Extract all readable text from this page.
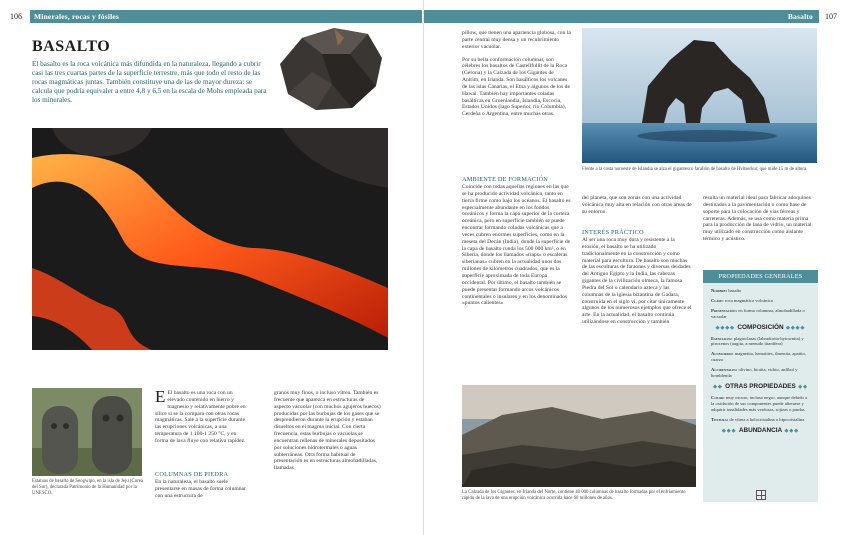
106	Minerales, rocas y fósiles	Basalto	107
BASALTO

El basalto es la roca volcánica más difundida en la naturaleza, llegando a cubrir casi las tres cuartas partes de la superficie terrestre, más que todo el resto de las rocas magmáticas juntas. También constituye una de las de mayor dureza: se calcula que podría equivaler a entre 4,8 y 6,5 en la escala de Mohs empleada para los minerales.

Estatuas de basalto de Seogwipo, en la isla de Jeju (Corea del Sur), declarada Patrimonio de la Humanidad por la UNESCO.

E El basalto es una roca con un elevado contenido en hierro y magnesio y relativamente pobre en sílice si se la compara con otras rocas magmáticas. Sale a la superficie durante las erupciones volcánicas, a una temperatura de 1 100-1 250 °C, y en forma de lava fluye con relativa rapidez.

COLUMNAS DE PIEDRA

En la naturaleza, el basalto suele presentarse en masas de forma columnar con una estructura de

granos muy finos, o incluso vítrea. También es frecuente que aparezca en estructuras de aspecto vacuolar (con muchos agujeros huecos) producidas por las burbujas de los gases que se desprendieron durante la erupción y estaban disueltos en el magma inicial. Con cierta frecuencia, estas burbujas o vacuolas se encuentran rellenas de minerales depositados por soluciones hidrotermales o aguas subterráneas. Otra forma habitual de presentación es en estructuras almohadilladas, llamadas

pillow, que tienen una apariencia globosa, con la parte central muy densa y un recubrimiento exterior vacuolar.

Por su bella conformación columnar, son célebres los basaltos de Castellfullit de la Roca (Gerona) y la Calzada de los Gigantes de Antrim, en Irlanda. Son basálticos los volcanes de las islas Canarias, el Etna y algunos de los de Hawái. También hay importantes coladas basálticas en Groenlandia, Islandia, Escocia, Estados Unidos (lago Superior, río Columbia), Cerdeña o Argentina, entre muchas otras.

AMBIENTE DE FORMACIÓN

Coincide con todas aquellas regiones en las que se ha producido actividad volcánica, tanto en tierra firme como bajo los océanos. El basalto es especialmente abundante en los fondos oceánicos y forma la capa superior de la corteza oceánica, pero en superficie también se puede encontrar formando coladas volcánicas que a veces cubren enormes superficies, como en la meseta del Decán (India), donde la superficie de la capa de basalto ronda los 500 000 km², o en Siberia, donde los llamados «traps» o escaleras siberianas» cubren en la actualidad unos dos millones de kilómetros cuadrados, que es la superficie aproximada de toda Europa occidental. Por último, el basalto también se puede presentar formando arcos volcánicos continentales o insulares y en los denominados «puntos calientes»

Frente a la costa noroeste de Islandia se alza el gigantesco farallón de basalto de Hvítserkur, que mide 15 m de altura.

del planeta, que son zonas con una actividad volcánica muy alta en relación con otras áreas de su entorno.

INTERÉS PRÁCTICO

Al ser una roca muy dura y resistente a la erosión, el basalto se ha utilizado tradicionalmente en la construcción y como material para escultura. De basalto son muchas de las esculturas de faraones y diversas deidades del Antiguo Egipto y la India, las cabezas gigantes de la civilización olmeca, la famosa Piedra del Sol o calendario azteca y las columnas de la iglesia bizantina de Gadara, construida en el siglo vi, por citar únicamente algunos de los numerosos ejemplos que ofrece el arte. En la actualidad, el basalto continúa utilizándose en construcción y también

resulta un material ideal para fabricar adoquines destinados a la pavimentación o como base de soporte para la colocación de vías férreas y carreteras. Además, se usa como materia prima para la producción de lana de vidrio, un material muy utilizado en construcción como aislante térmico y acústico.

La Calzada de los Gigantes, en Irlanda del Norte, contiene 40 000 columnas de basalto formadas por el enfriamiento rápido de la lava de una erupción volcánica ocurrida hace 60 millones de años.

PROPIEDADES GENERALES
Nombre: basalto
Clase: roca magmática volcánica
Presentación: en forma columnar, almohadillada o vacuolar
◆◆◆◆ COMPOSICIÓN ◆◆◆◆
Esenciales: plagioclasas (labradorita-bytownita) y piroxenos (augita, a menudo titanífera)
Accesorios: magnetita, hematites, ilmenita, apatito, cuarzo
Accidentales: olivino, biotita, vidrio, anfíbol y hornblenda
◆◆ OTRAS PROPIEDADES ◆◆
Color: muy oscuro, incluso negro, aunque debido a la oxidación de sus componentes puede alterarse y adquirir tonalidades más verdosas, rojizas o pardas
Textura: de vítrea a holocristalina o hipocristalina
◆◆◆ ABUNDANCIA ◆◆◆
